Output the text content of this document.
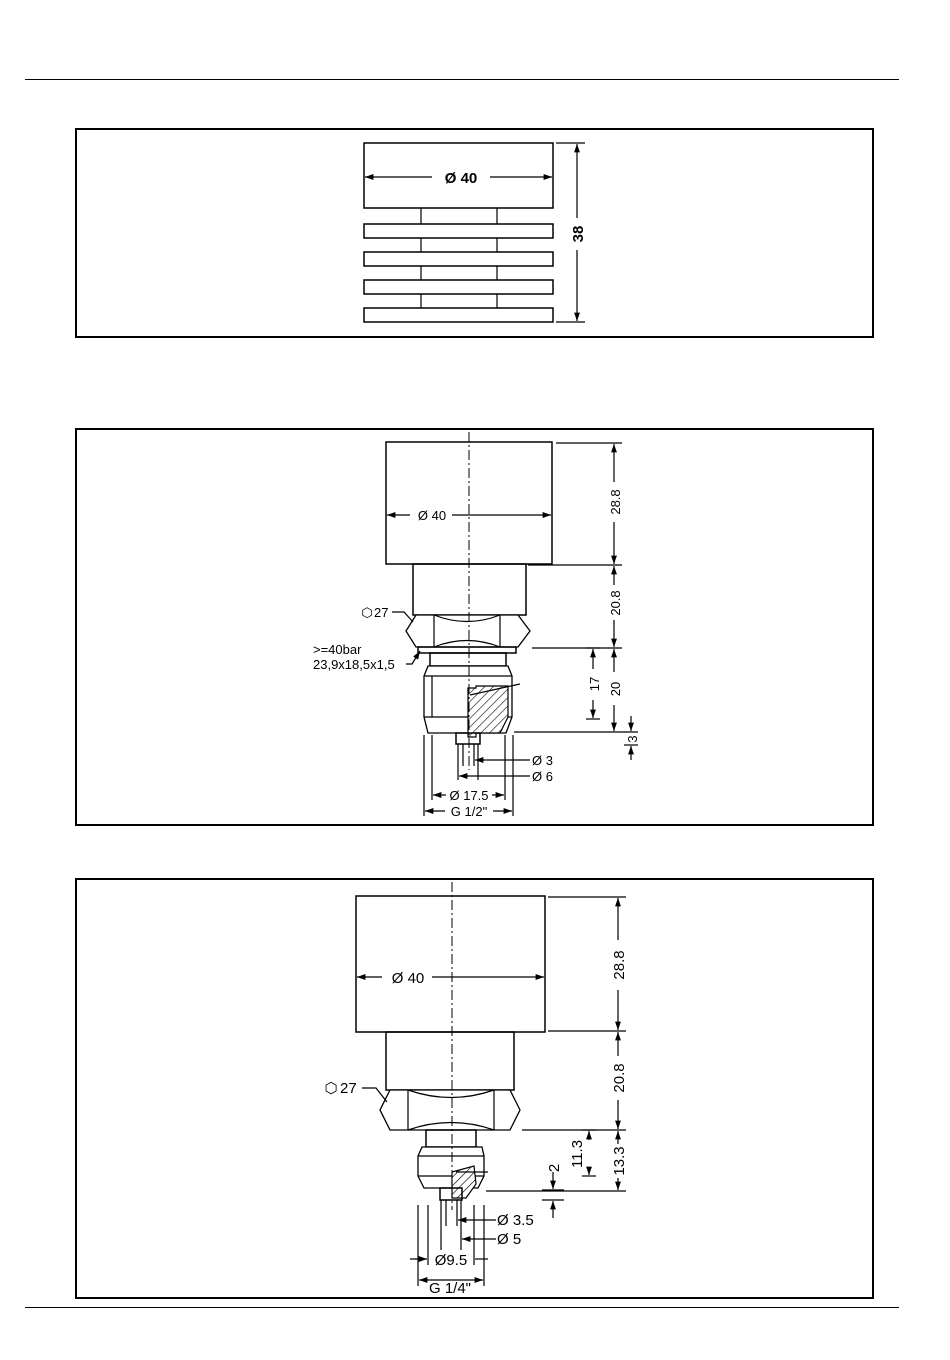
Ø 40
38
Ø 40
⬡ 27
>=40bar
23,9x18,5x1,5
28.8
20.8
20
17
3
Ø 3
Ø 6
Ø 17.5
G 1/2"
Ø 40
⬡ 27
28.8
20.8
13.3
11.3
2
Ø 3.5
Ø 5
Ø9.5
G 1/4"
